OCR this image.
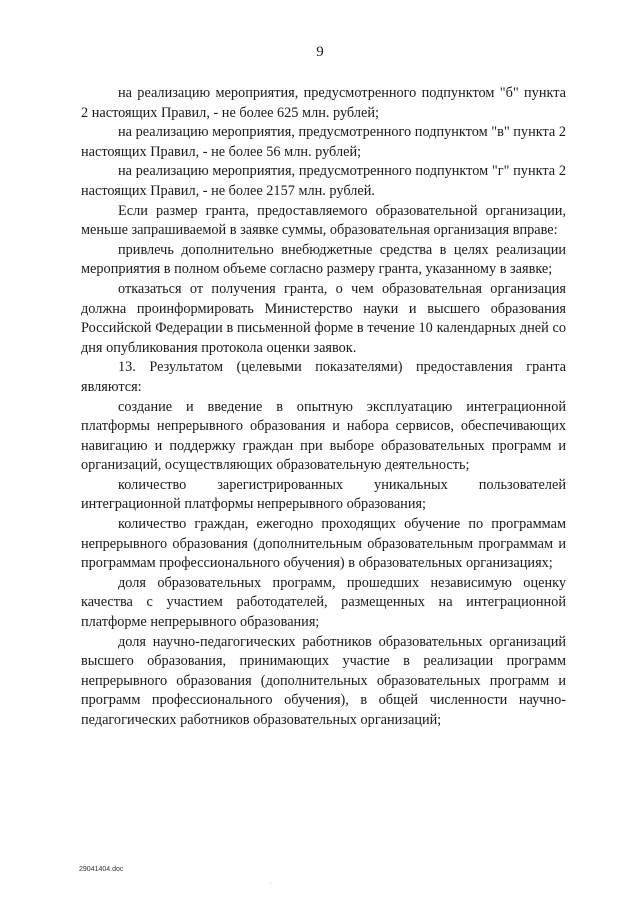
9

на реализацию мероприятия, предусмотренного подпунктом "б" пункта 2 настоящих Правил, - не более 625 млн. рублей;

на реализацию мероприятия, предусмотренного подпунктом "в" пункта 2 настоящих Правил, - не более 56 млн. рублей;

на реализацию мероприятия, предусмотренного подпунктом "г" пункта 2 настоящих Правил, - не более 2157 млн. рублей.

Если размер гранта, предоставляемого образовательной организации, меньше запрашиваемой в заявке суммы, образовательная организация вправе:

привлечь дополнительно внебюджетные средства в целях реализации мероприятия в полном объеме согласно размеру гранта, указанному в заявке;

отказаться от получения гранта, о чем образовательная организация должна проинформировать Министерство науки и высшего образования Российской Федерации в письменной форме в течение 10 календарных дней со дня опубликования протокола оценки заявок.

13. Результатом (целевыми показателями) предоставления гранта являются:

создание и введение в опытную эксплуатацию интеграционной платформы непрерывного образования и набора сервисов, обеспечивающих навигацию и поддержку граждан при выборе образовательных программ и организаций, осуществляющих образовательную деятельность;

количество зарегистрированных уникальных пользователей интеграционной платформы непрерывного образования;

количество граждан, ежегодно проходящих обучение по программам непрерывного образования (дополнительным образовательным программам и программам профессионального обучения) в образовательных организациях;

доля образовательных программ, прошедших независимую оценку качества с участием работодателей, размещенных на интеграционной платформе непрерывного образования;

доля научно-педагогических работников образовательных организаций высшего образования, принимающих участие в реализации программ непрерывного образования (дополнительных образовательных программ и программ профессионального обучения), в общей численности научно-педагогических работников образовательных организаций;

29041404.doc
.
